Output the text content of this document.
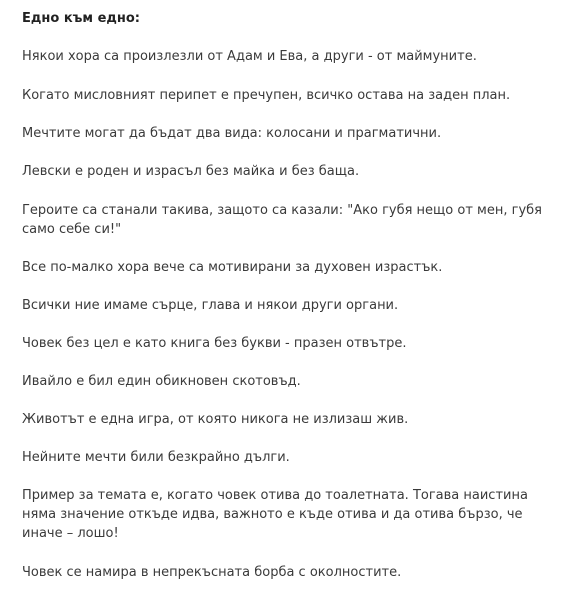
Едно към едно:

Някои хора са произлезли от Адам и Ева, а други - от маймуните.

Когато мисловният перипет е пречупен, всичко остава на заден план.

Мечтите могат да бъдат два вида: колосани и прагматични.

Левски е роден и израсъл без майка и без баща.

Героите са станали такива, защото са казали: "Ако губя нещо от мен, губя само себе си!"

Все по-малко хора вече са мотивирани за духовен израстък.

Всички ние имаме сърце, глава и някои други органи.

Човек без цел е като книга без букви - празен отвътре.

Ивайло е бил един обикновен скотовъд.

Животът е една игра, от която никога не излизаш жив.

Нейните мечти били безкрайно дълги.

Пример за темата е, когато човек отива до тоалетната. Тогава наистина няма значение откъде идва, важното е къде отива и да отива бързо, че иначе – лошо!

Човек се намира в непрекъсната борба с околностите.
